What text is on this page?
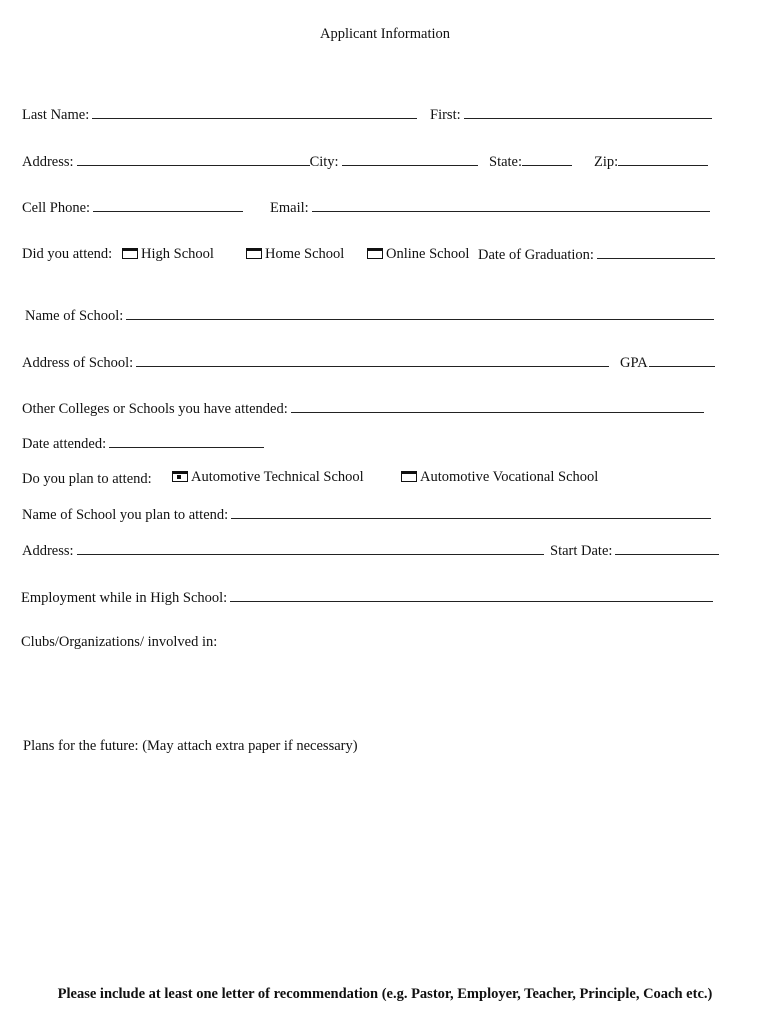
Applicant Information
Last Name:	First:
Address:	City:	State:	Zip:
Cell Phone:	Email:
Did you attend:	High School	Home School	Online School Date of Graduation:
Name of School:
Address of School:	GPA
Other Colleges or Schools you have attended:
Date attended:
Do you plan to attend:	Automotive Technical School	Automotive Vocational School
Name of School you plan to attend:
Address:	Start Date:
Employment while in High School:
Clubs/Organizations/ involved in:
Plans for the future: (May attach extra paper if necessary)
Please include at least one letter of recommendation (e.g. Pastor, Employer, Teacher, Principle, Coach etc.)
